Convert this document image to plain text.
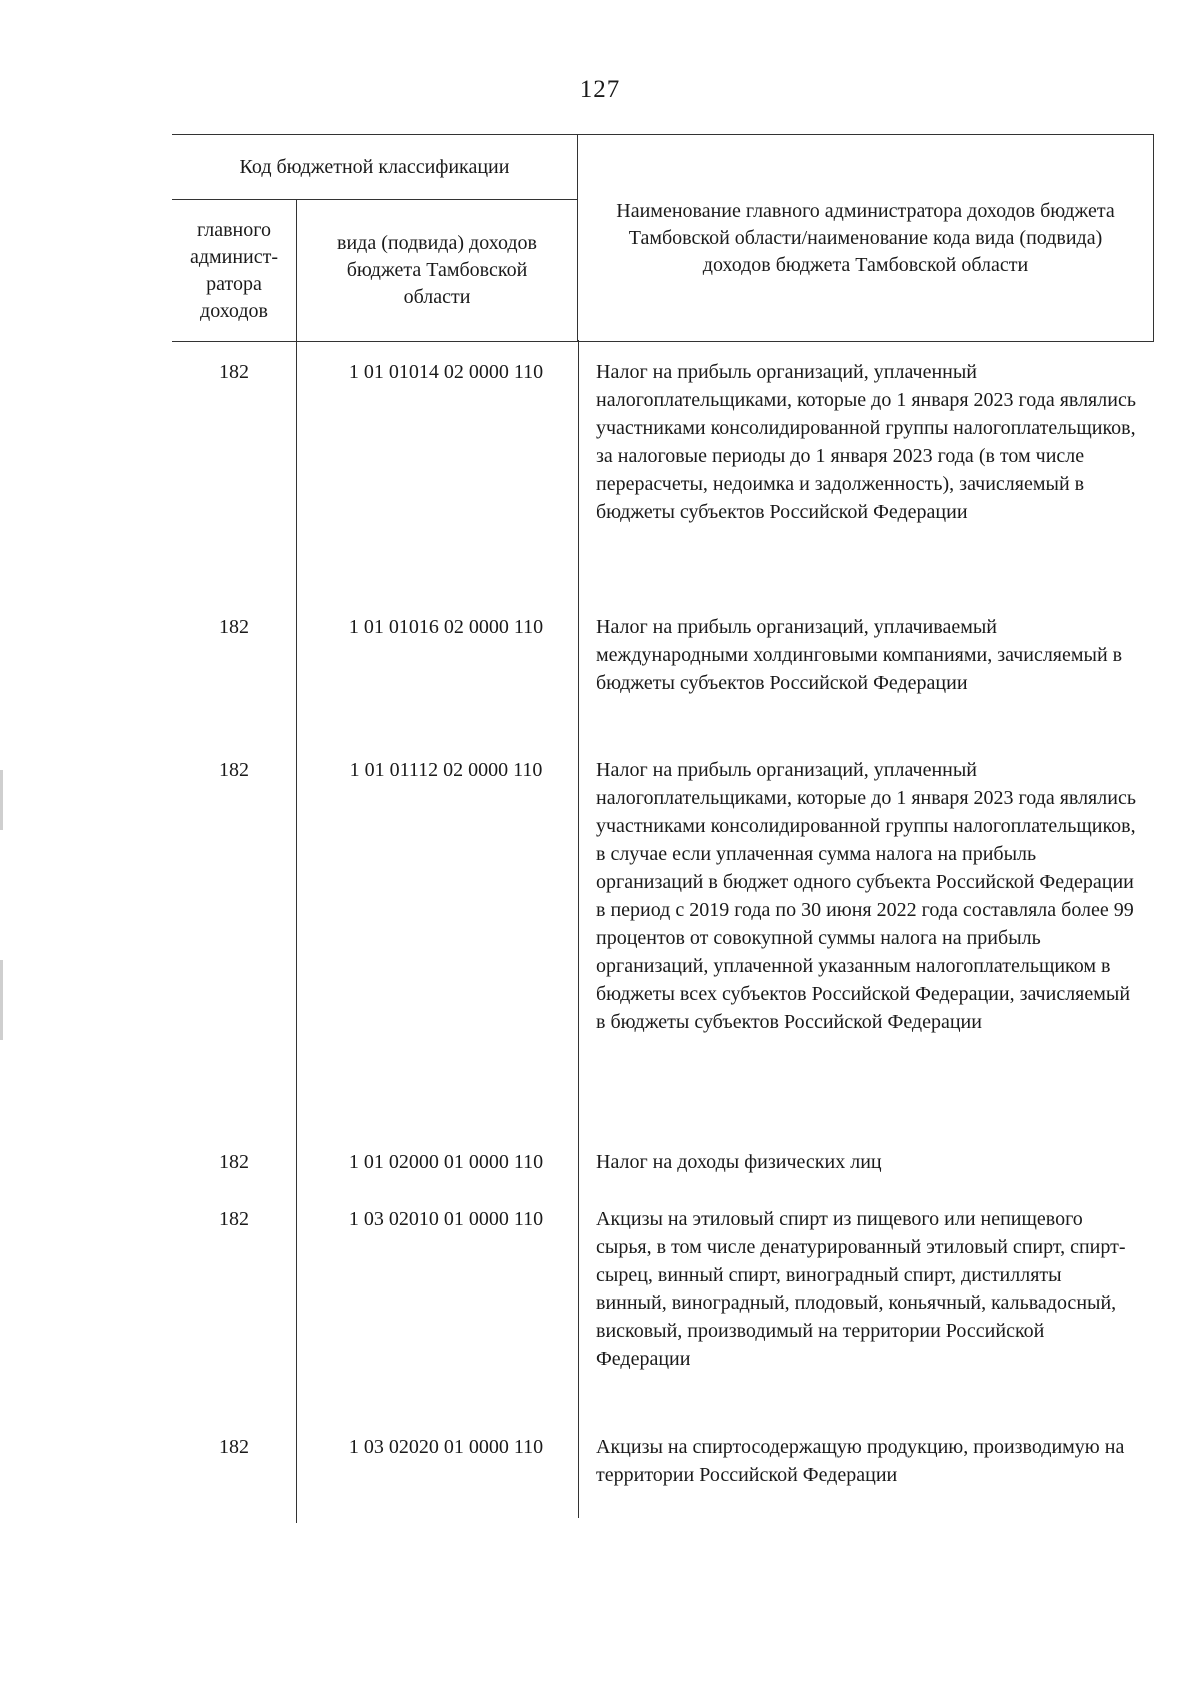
127
Код бюджетной классификации
главного админист-ратора доходов
вида (подвида) доходов бюджета Тамбовской области
Наименование главного администратора доходов бюджета Тамбовской области/наименование кода вида (подвида) доходов бюджета Тамбовской области
182	1 01 01014 02 0000 110	Налог на прибыль организаций, уплаченный налогоплательщиками, которые до 1 января 2023 года являлись участниками консолидированной группы налогоплательщиков, за налоговые периоды до 1 января 2023 года (в том числе перерасчеты, недоимка и задолженность), зачисляемый в бюджеты субъектов Российской Федерации
182	1 01 01016 02 0000 110	Налог на прибыль организаций, уплачиваемый международными холдинговыми компаниями, зачисляемый в бюджеты субъектов Российской Федерации
182	1 01 01112 02 0000 110	Налог на прибыль организаций, уплаченный налогоплательщиками, которые до 1 января 2023 года являлись участниками консолидированной группы налогоплательщиков, в случае если уплаченная сумма налога на прибыль организаций в бюджет одного субъекта Российской Федерации в период с 2019 года по 30 июня 2022 года составляла более 99 процентов от совокупной суммы налога на прибыль организаций, уплаченной указанным налогоплательщиком в бюджеты всех субъектов Российской Федерации, зачисляемый в бюджеты субъектов Российской Федерации
182	1 01 02000 01 0000 110	Налог на доходы физических лиц
182	1 03 02010 01 0000 110	Акцизы на этиловый спирт из пищевого или непищевого сырья, в том числе денатурированный этиловый спирт, спирт-сырец, винный спирт, виноградный спирт, дистилляты винный, виноградный, плодовый, коньячный, кальвадосный, висковый, производимый на территории Российской Федерации
182	1 03 02020 01 0000 110	Акцизы на спиртосодержащую продукцию, производимую на территории Российской Федерации
